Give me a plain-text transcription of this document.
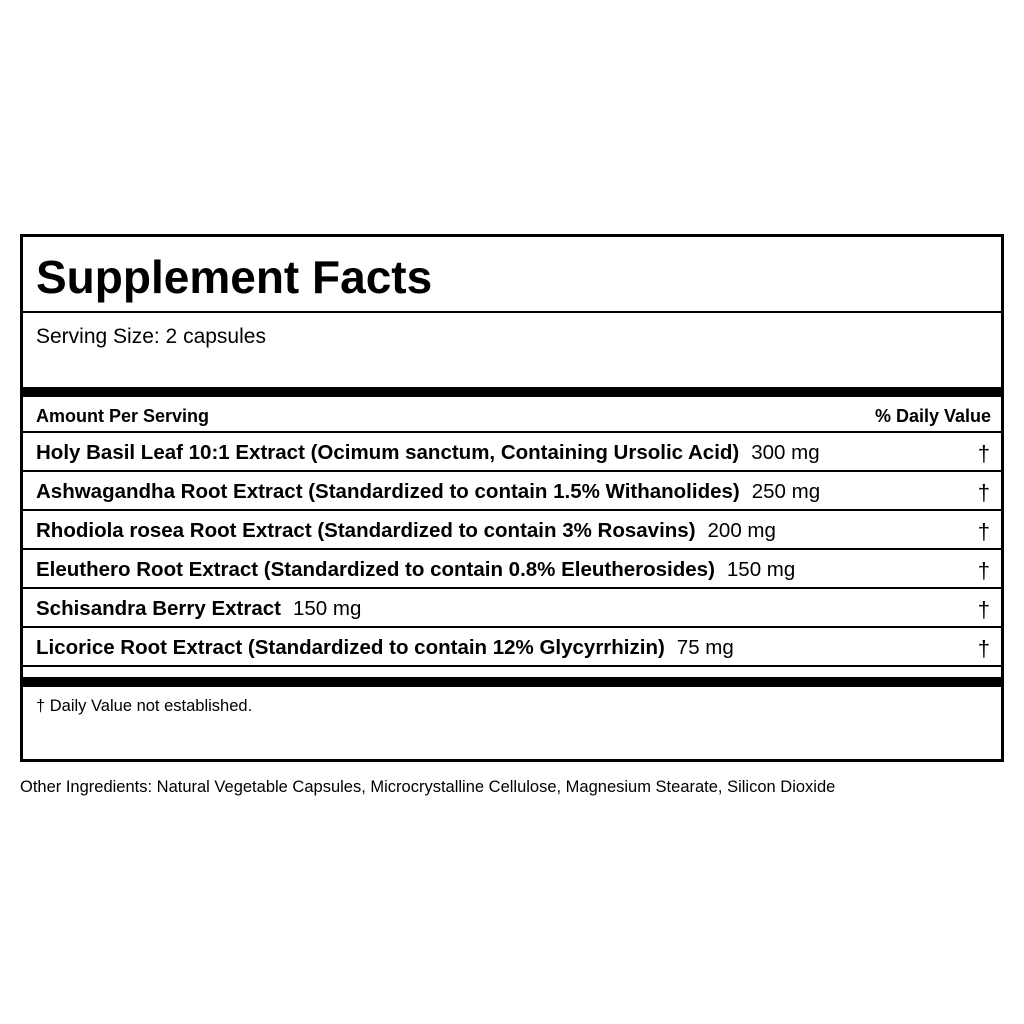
Supplement Facts
Serving Size: 2 capsules
Amount Per Serving	% Daily Value
Holy Basil Leaf 10:1 Extract (Ocimum sanctum, Containing Ursolic Acid) 300 mg	†
Ashwagandha Root Extract (Standardized to contain 1.5% Withanolides) 250 mg	†
Rhodiola rosea Root Extract (Standardized to contain 3% Rosavins) 200 mg	†
Eleuthero Root Extract (Standardized to contain 0.8% Eleutherosides) 150 mg	†
Schisandra Berry Extract 150 mg	†
Licorice Root Extract (Standardized to contain 12% Glycyrrhizin) 75 mg	†
† Daily Value not established.
Other Ingredients: Natural Vegetable Capsules, Microcrystalline Cellulose, Magnesium Stearate, Silicon Dioxide
